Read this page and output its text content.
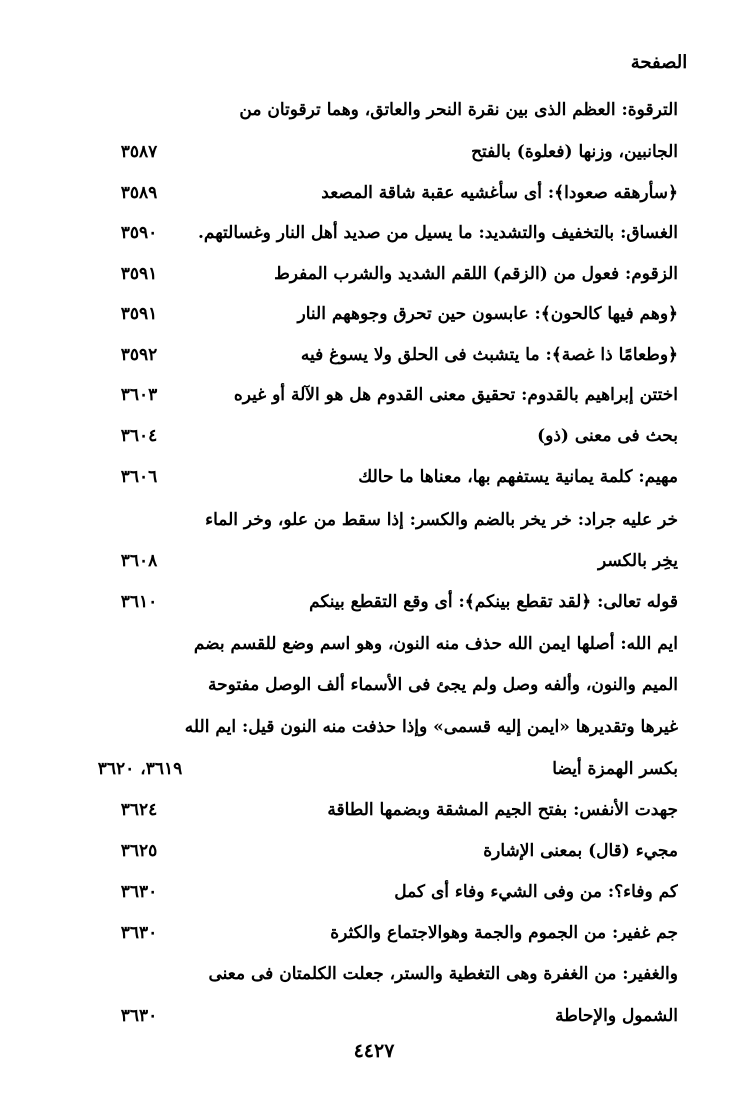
الصفحة
الترقوة: العظم الذى بين نقرة النحر والعاتق، وهما ترقوتان من
الجانبين، وزنها (فعلوة) بالفتح
٣٥٨٧
﴿سأرهقه صعودا﴾: أى سأغشيه عقبة شاقة المصعد
٣٥٨٩
الغساق: بالتخفيف والتشديد: ما يسيل من صديد أهل النار وغسالتهم.
٣٥٩٠
الزقوم: فعول من (الزقم) اللقم الشديد والشرب المفرط
٣٥٩١
﴿وهم فيها كالحون﴾: عابسون حين تحرق وجوههم النار
٣٥٩١
﴿وطعامًا ذا غصة﴾: ما يتشبث فى الحلق ولا يسوغ فيه
٣٥٩٢
اختتن إبراهيم بالقدوم: تحقيق معنى القدوم هل هو الآلة أو غيره
٣٦٠٣
بحث فى معنى (ذو)
٣٦٠٤
مهيم: كلمة يمانية يستفهم بها، معناها ما حالك
٣٦٠٦
خر عليه جراد: خر يخر بالضم والكسر: إذا سقط من علو، وخر الماء
يخِر بالكسر
٣٦٠٨
قوله تعالى: ﴿لقد تقطع بينكم﴾: أى وقع التقطع بينكم
٣٦١٠
ايم الله: أصلها ايمن الله حذف منه النون، وهو اسم وضع للقسم بضم
الميم والنون، وألفه وصل ولم يجئ فى الأسماء ألف الوصل مفتوحة
غيرها وتقديرها «ايمن إليه قسمى» وإذا حذفت منه النون قيل: ايم الله
بكسر الهمزة أيضا
٣٦١٩، ٣٦٢٠
جهدت الأنفس: بفتح الجيم المشقة وبضمها الطاقة
٣٦٢٤
مجيء (قال) بمعنى الإشارة
٣٦٢٥
كم وفاء؟: من وفى الشيء وفاء أى كمل
٣٦٣٠
جم غفير: من الجموم والجمة وهوالاجتماع والكثرة
٣٦٣٠
والغفير: من الغفرة وهى التغطية والستر، جعلت الكلمتان فى معنى
الشمول والإحاطة
٣٦٣٠
٤٤٢٧
